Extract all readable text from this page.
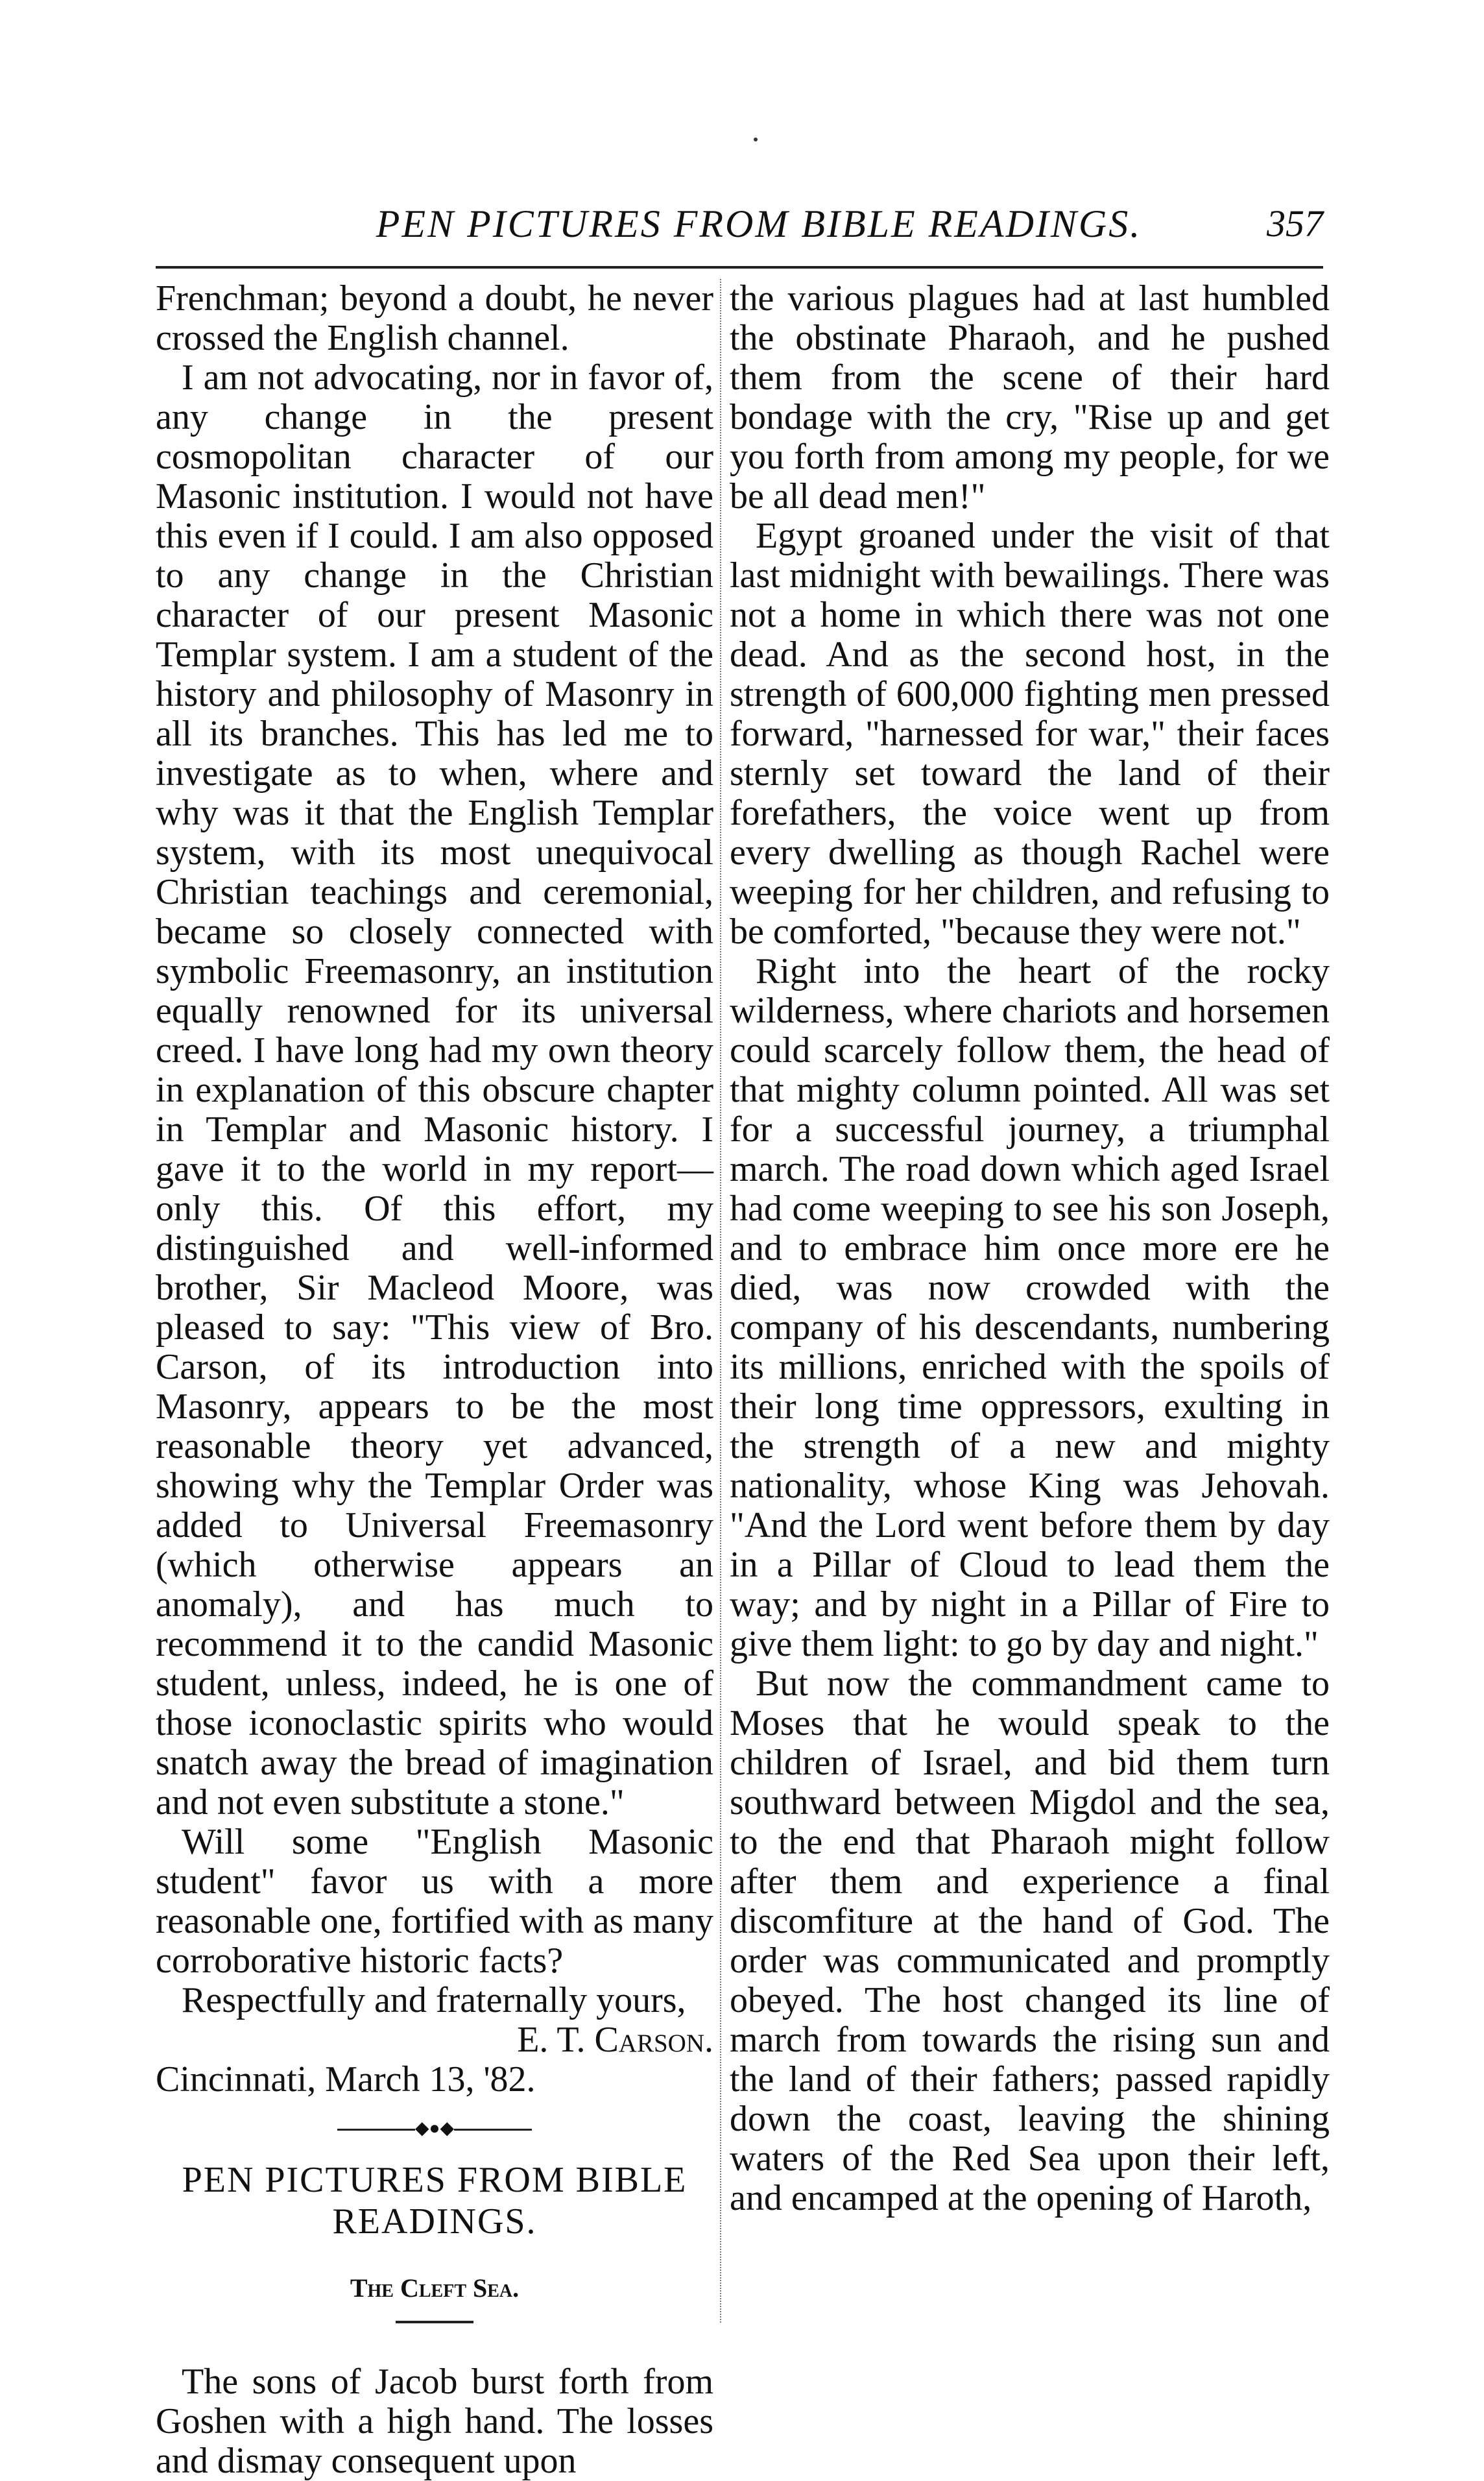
PEN PICTURES FROM BIBLE READINGS.	357

Frenchman; beyond a doubt, he never crossed the English channel.

I am not advocating, nor in favor of, any change in the present cosmopolitan character of our Masonic institution. I would not have this even if I could. I am also opposed to any change in the Christian character of our present Masonic Templar system. I am a student of the history and philosophy of Masonry in all its branches. This has led me to investigate as to when, where and why was it that the English Templar system, with its most unequivocal Christian teachings and ceremonial, became so closely connected with symbolic Freemasonry, an institution equally renowned for its universal creed. I have long had my own theory in explanation of this obscure chapter in Templar and Masonic history. I gave it to the world in my report—only this. Of this effort, my distinguished and well-informed brother, Sir Macleod Moore, was pleased to say: "This view of Bro. Carson, of its introduction into Masonry, appears to be the most reasonable theory yet advanced, showing why the Templar Order was added to Universal Freemasonry (which otherwise appears an anomaly), and has much to recommend it to the candid Masonic student, unless, indeed, he is one of those iconoclastic spirits who would snatch away the bread of imagination and not even substitute a stone."

Will some "English Masonic student" favor us with a more reasonable one, fortified with as many corroborative historic facts?

Respectfully and fraternally yours,

E. T. Carson.

Cincinnati, March 13, '82.

◆●◆
PEN PICTURES FROM BIBLE READINGS.
The Cleft Sea.

The sons of Jacob burst forth from Goshen with a high hand. The losses and dismay consequent upon

the various plagues had at last humbled the obstinate Pharaoh, and he pushed them from the scene of their hard bondage with the cry, "Rise up and get you forth from among my people, for we be all dead men!"

Egypt groaned under the visit of that last midnight with bewailings. There was not a home in which there was not one dead. And as the second host, in the strength of 600,000 fighting men pressed forward, "harnessed for war," their faces sternly set toward the land of their forefathers, the voice went up from every dwelling as though Rachel were weeping for her children, and refusing to be comforted, "because they were not."

Right into the heart of the rocky wilderness, where chariots and horsemen could scarcely follow them, the head of that mighty column pointed. All was set for a successful journey, a triumphal march. The road down which aged Israel had come weeping to see his son Joseph, and to embrace him once more ere he died, was now crowded with the company of his descendants, numbering its millions, enriched with the spoils of their long time oppressors, exulting in the strength of a new and mighty nationality, whose King was Jehovah. "And the Lord went before them by day in a Pillar of Cloud to lead them the way; and by night in a Pillar of Fire to give them light: to go by day and night."

But now the commandment came to Moses that he would speak to the children of Israel, and bid them turn southward between Migdol and the sea, to the end that Pharaoh might follow after them and experience a final discomfiture at the hand of God. The order was communicated and promptly obeyed. The host changed its line of march from towards the rising sun and the land of their fathers; passed rapidly down the coast, leaving the shining waters of the Red Sea upon their left, and encamped at the opening of Haroth,
